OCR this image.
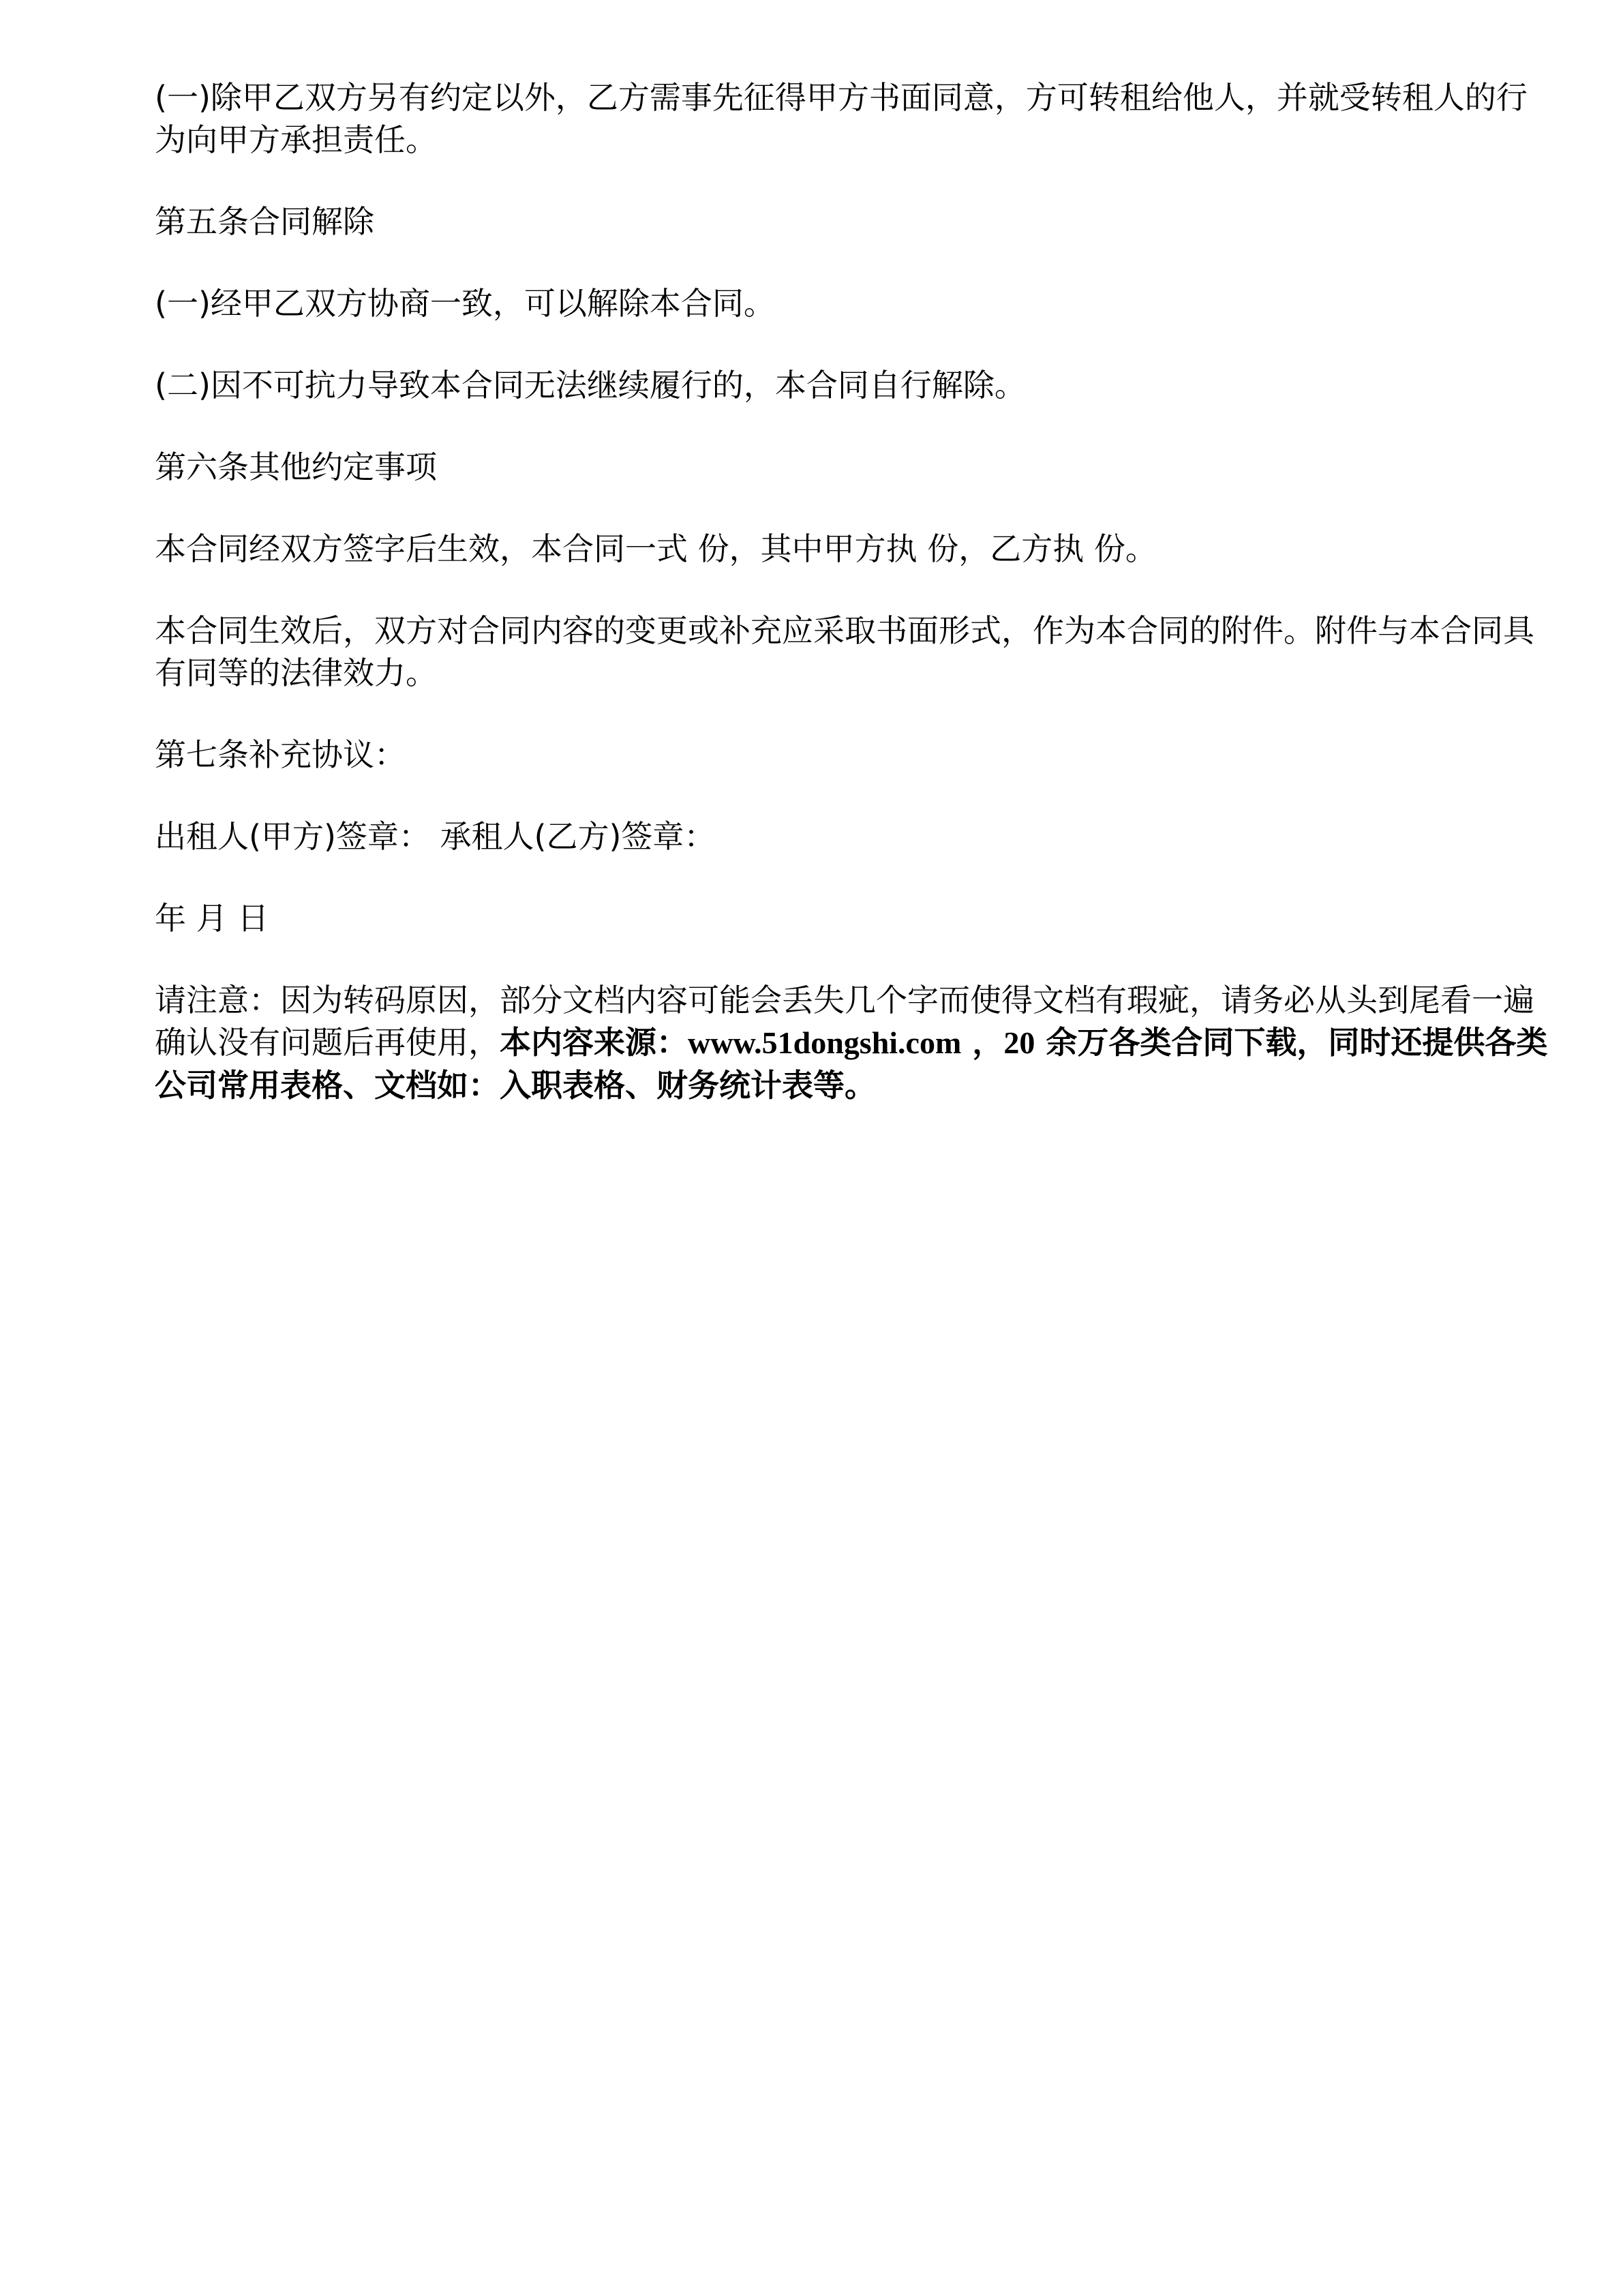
(一)除甲乙双方另有约定以外，乙方需事先征得甲方书面同意，方可转租给他人，并就受转租人的行为向甲方承担责任。

第五条合同解除

(一)经甲乙双方协商一致，可以解除本合同。

(二)因不可抗力导致本合同无法继续履行的，本合同自行解除。

第六条其他约定事项

本合同经双方签字后生效，本合同一式 份，其中甲方执 份，乙方执 份。

本合同生效后，双方对合同内容的变更或补充应采取书面形式，作为本合同的附件。附件与本合同具有同等的法律效力。

第七条补充协议：

出租人(甲方)签章： 承租人(乙方)签章：

年 月 日

请注意：因为转码原因，部分文档内容可能会丢失几个字而使得文档有瑕疵，请务必从头到尾看一遍确认没有问题后再使用，本内容来源：www.51dongshi.com ，20 余万各类合同下载，同时还提供各类公司常用表格、文档如：入职表格、财务统计表等。
